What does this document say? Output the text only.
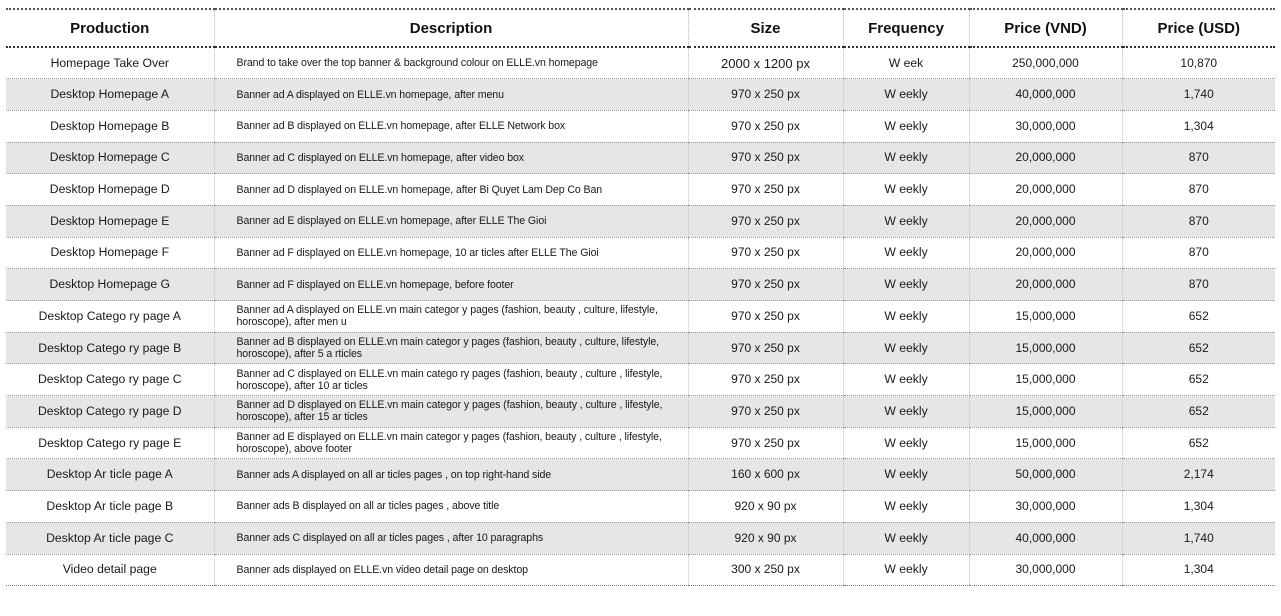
Production	Description	Size	Frequency	Price (VND)	Price (USD)
Homepage Take Over	Brand to take over the top banner & background colour on ELLE.vn homepage	2000 x 1200 px	W eek	250,000,000	10,870
Desktop Homepage A	Banner ad A displayed on ELLE.vn homepage, after menu	970 x 250 px	W eekly	40,000,000	1,740
Desktop Homepage B	Banner ad B displayed on ELLE.vn homepage, after ELLE Network box	970 x 250 px	W eekly	30,000,000	1,304
Desktop Homepage C	Banner ad C displayed on ELLE.vn homepage, after video box	970 x 250 px	W eekly	20,000,000	870
Desktop Homepage D	Banner ad D displayed on ELLE.vn homepage, after Bi Quyet Lam Dep Co Ban	970 x 250 px	W eekly	20,000,000	870
Desktop Homepage E	Banner ad E displayed on ELLE.vn homepage, after ELLE The Gioi	970 x 250 px	W eekly	20,000,000	870
Desktop Homepage F	Banner ad F displayed on ELLE.vn homepage, 10 ar ticles after ELLE The Gioi	970 x 250 px	W eekly	20,000,000	870
Desktop Homepage G	Banner ad F displayed on ELLE.vn homepage, before footer	970 x 250 px	W eekly	20,000,000	870
Desktop Catego ry page A	Banner ad A displayed on ELLE.vn main categor y pages (fashion, beauty , culture, lifestyle, horoscope), after men u	970 x 250 px	W eekly	15,000,000	652
Desktop Catego ry page B	Banner ad B displayed on ELLE.vn main categor y pages (fashion, beauty , culture, lifestyle, horoscope), after 5 a rticles	970 x 250 px	W eekly	15,000,000	652
Desktop Catego ry page C	Banner ad C displayed on ELLE.vn main catego ry pages (fashion, beauty , culture , lifestyle, horoscope), after 10 ar ticles	970 x 250 px	W eekly	15,000,000	652
Desktop Catego ry page D	Banner ad D displayed on ELLE.vn main categor y pages (fashion, beauty , culture , lifestyle, horoscope), after 15 ar ticles	970 x 250 px	W eekly	15,000,000	652
Desktop Catego ry page E	Banner ad E displayed on ELLE.vn main categor y pages (fashion, beauty , culture , lifestyle, horoscope), above footer	970 x 250 px	W eekly	15,000,000	652
Desktop Ar ticle page A	Banner ads A displayed on all ar ticles pages , on top right-hand side	160 x 600 px	W eekly	50,000,000	2,174
Desktop Ar ticle page B	Banner ads B displayed on all ar ticles pages , above title	920 x 90 px	W eekly	30,000,000	1,304
Desktop Ar ticle page C	Banner ads C displayed on all ar ticles pages , after 10 paragraphs	920 x 90 px	W eekly	40,000,000	1,740
Video detail page	Banner ads displayed on ELLE.vn video detail page on desktop	300 x 250 px	W eekly	30,000,000	1,304
